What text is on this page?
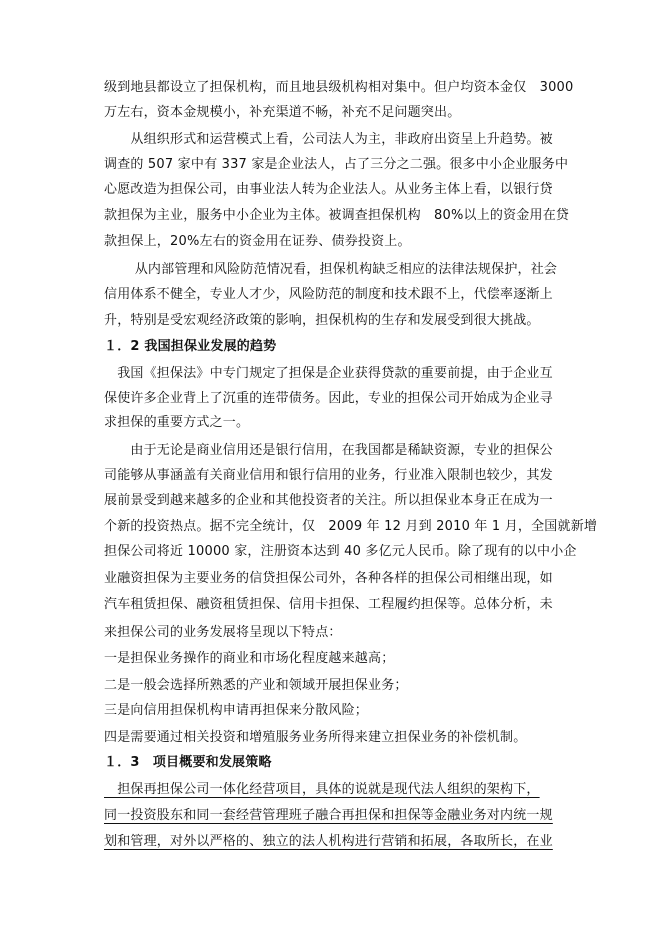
级到地县都设立了担保机构，而且地县级机构相对集中。但户均资本金仅　3000
万左右，资本金规模小，补充渠道不畅，补充不足问题突出。
　　从组织形式和运营模式上看，公司法人为主，非政府出资呈上升趋势。被
调查的 507 家中有 337 家是企业法人，占了三分之二强。很多中小企业服务中
心愿改造为担保公司，由事业法人转为企业法人。从业务主体上看，以银行贷
款担保为主业，服务中小企业为主体。被调查担保机构　80%以上的资金用在贷
款担保上，20%左右的资金用在证券、债券投资上。
　　 从内部管理和风险防范情况看，担保机构缺乏相应的法律法规保护，社会
信用体系不健全，专业人才少，风险防范的制度和技术跟不上，代偿率逐渐上
升，特别是受宏观经济政策的影响，担保机构的生存和发展受到很大挑战。
１．2 我国担保业发展的趋势
　我国《担保法》中专门规定了担保是企业获得贷款的重要前提，由于企业互
保使许多企业背上了沉重的连带债务。因此，专业的担保公司开始成为企业寻
求担保的重要方式之一。
　　由于无论是商业信用还是银行信用，在我国都是稀缺资源，专业的担保公
司能够从事涵盖有关商业信用和银行信用的业务，行业准入限制也较少，其发
展前景受到越来越多的企业和其他投资者的关注。所以担保业本身正在成为一
个新的投资热点。据不完全统计，仅　2009 年 12 月到 2010 年 1 月，全国就新增
担保公司将近 10000 家，注册资本达到 40 多亿元人民币。除了现有的以中小企
业融资担保为主要业务的信贷担保公司外，各种各样的担保公司相继出现，如
汽车租赁担保、融资租赁担保、信用卡担保、工程履约担保等。总体分析，未
来担保公司的业务发展将呈现以下特点：
一是担保业务操作的商业和市场化程度越来越高；
二是一般会选择所熟悉的产业和领域开展担保业务；
三是向信用担保机构申请再担保来分散风险；
四是需要通过相关投资和增殖服务业务所得来建立担保业务的补偿机制。
１．3　项目概要和发展策略
　担保再担保公司一体化经营项目，具体的说就是现代法人组织的架构下，
同一投资股东和同一套经营管理班子融合再担保和担保等金融业务对内统一规
划和管理，对外以严格的、独立的法人机构进行营销和拓展，各取所长，在业
